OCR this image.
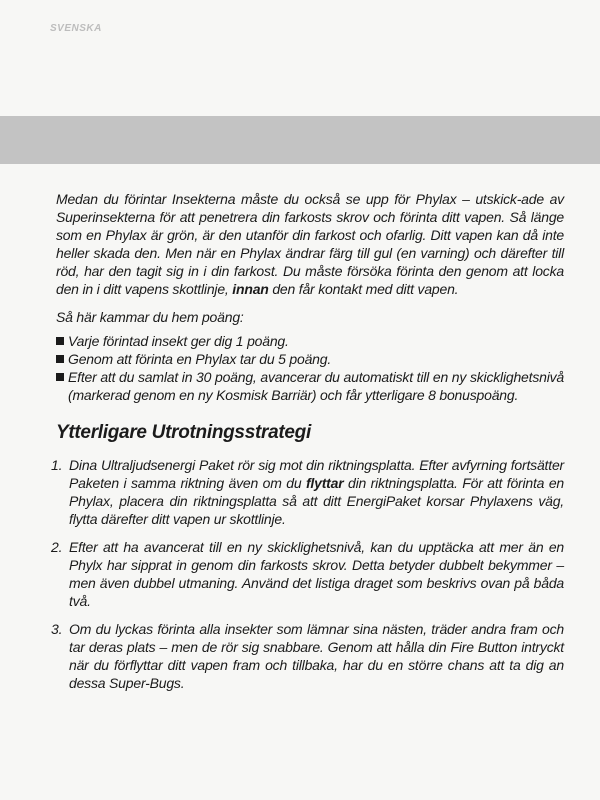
SVENSKA

Medan du förintar Insekterna måste du också se upp för Phylax – utskick-ade av Superinsekterna för att penetrera din farkosts skrov och förinta ditt vapen. Så länge som en Phylax är grön, är den utanför din farkost och ofarlig. Ditt vapen kan då inte heller skada den. Men när en Phylax ändrar färg till gul (en varning) och därefter till röd, har den tagit sig in i din farkost. Du måste försöka förinta den genom att locka den in i ditt vapens skottlinje, innan den får kontakt med ditt vapen.

Så här kammar du hem poäng:

Varje förintad insekt ger dig 1 poäng.
Genom att förinta en Phylax tar du 5 poäng.
Efter att du samlat in 30 poäng, avancerar du automatiskt till en ny skicklighetsnivå (markerad genom en ny Kosmisk Barriär) och får ytterligare 8 bonuspoäng.
Ytterligare Utrotningsstrategi
1. Dina Ultraljudsenergi Paket rör sig mot din riktningsplatta. Efter avfyrning fortsätter Paketen i samma riktning även om du flyttar din riktningsplatta. För att förinta en Phylax, placera din riktningsplatta så att ditt EnergiPaket korsar Phylaxens väg, flytta därefter ditt vapen ur skottlinje.
2. Efter att ha avancerat till en ny skicklighetsnivå, kan du upptäcka att mer än en Phylx har sipprat in genom din farkosts skrov. Detta betyder dubbelt bekymmer – men även dubbel utmaning. Använd det listiga draget som beskrivs ovan på båda två.
3. Om du lyckas förinta alla insekter som lämnar sina nästen, träder andra fram och tar deras plats – men de rör sig snabbare. Genom att hålla din Fire Button intryckt när du förflyttar ditt vapen fram och tillbaka, har du en större chans att ta dig an dessa Super-Bugs.
